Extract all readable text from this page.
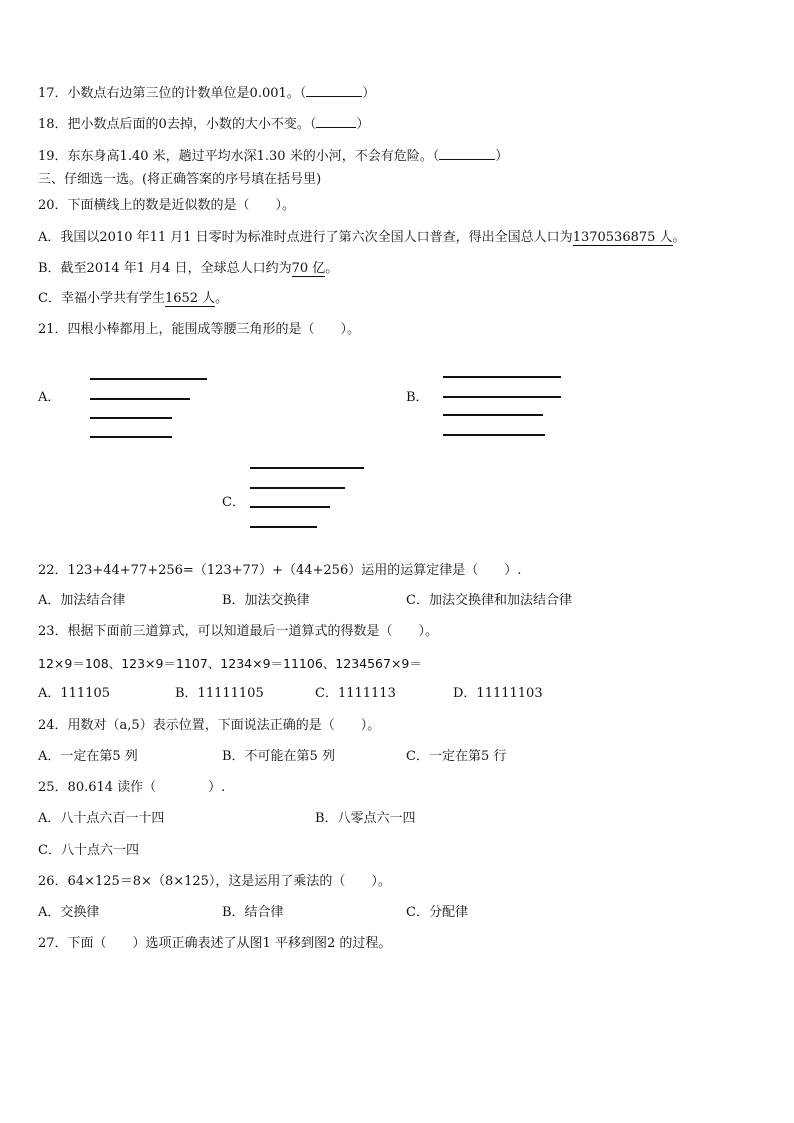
17．小数点右边第三位的计数单位是0.001。（	）
18．把小数点后面的0去掉，小数的大小不变。（	）
19．东东身高1.40 米，趟过平均水深1.30 米的小河，不会有危险。（	）
三、仔细选一选。(将正确答案的序号填在括号里)
20．下面横线上的数是近似数的是（　　）。
A．我国以2010 年11 月1 日零时为标准时点进行了第六次全国人口普查，得出全国总人口为1370536875 人。
B．截至2014 年1 月4 日，全球总人口约为70 亿。
C．幸福小学共有学生1652 人。
21．四根小棒都用上，能围成等腰三角形的是（　　）。
A．	B．
C．
22．123+44+77+256=（123+77）+（44+256）运用的运算定律是（　　）.
A．加法结合律	B．加法交换律	C．加法交换律和加法结合律
23．根据下面前三道算式，可以知道最后一道算式的得数是（　　）。
12×9＝108、123×9＝1107、1234×9＝11106、1234567×9＝
A．111105	B．11111105	C．1111113	D．11111103
24．用数对（a,5）表示位置，下面说法正确的是（　　）。
A．一定在第5 列	B．不可能在第5 列	C．一定在第5 行
25．80.614 读作（　　　　）.
A．八十点六百一十四	B．八零点六一四
C．八十点六一四
26．64×125＝8×（8×125），这是运用了乘法的（　　）。
A．交换律	B．结合律	C．分配律
27．下面（　　）选项正确表述了从图1 平移到图2 的过程。
